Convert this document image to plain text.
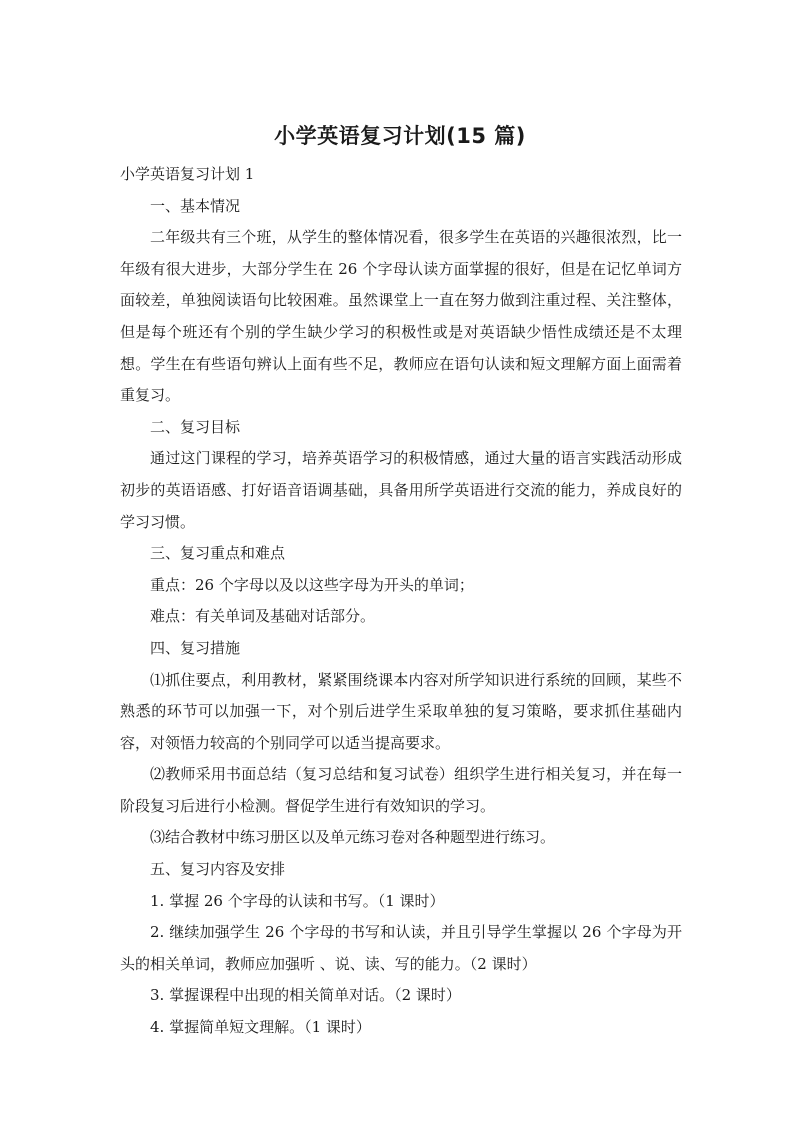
小学英语复习计划(15 篇)

小学英语复习计划 1

一、基本情况

二年级共有三个班，从学生的整体情况看，很多学生在英语的兴趣很浓烈，比一年级有很大进步，大部分学生在 26 个字母认读方面掌握的很好，但是在记忆单词方面较差，单独阅读语句比较困难。虽然课堂上一直在努力做到注重过程、关注整体，但是每个班还有个别的学生缺少学习的积极性或是对英语缺少悟性成绩还是不太理想。学生在有些语句辨认上面有些不足，教师应在语句认读和短文理解方面上面需着重复习。

二、复习目标

通过这门课程的学习，培养英语学习的积极情感，通过大量的语言实践活动形成初步的英语语感、打好语音语调基础，具备用所学英语进行交流的能力，养成良好的学习习惯。

三、复习重点和难点

重点：26 个字母以及以这些字母为开头的单词；

难点：有关单词及基础对话部分。

四、复习措施

⑴抓住要点，利用教材，紧紧围绕课本内容对所学知识进行系统的回顾，某些不熟悉的环节可以加强一下，对个别后进学生采取单独的复习策略，要求抓住基础内容，对领悟力较高的个别同学可以适当提高要求。

⑵教师采用书面总结（复习总结和复习试卷）组织学生进行相关复习，并在每一阶段复习后进行小检测。督促学生进行有效知识的学习。

⑶结合教材中练习册区以及单元练习卷对各种题型进行练习。

五、复习内容及安排

1. 掌握 26 个字母的认读和书写。（1 课时）

2. 继续加强学生 26 个字母的书写和认读，并且引导学生掌握以 26 个字母为开头的相关单词，教师应加强听 、说、读、写的能力。（2 课时）

3. 掌握课程中出现的相关简单对话。（2 课时）

4. 掌握简单短文理解。（1 课时）
